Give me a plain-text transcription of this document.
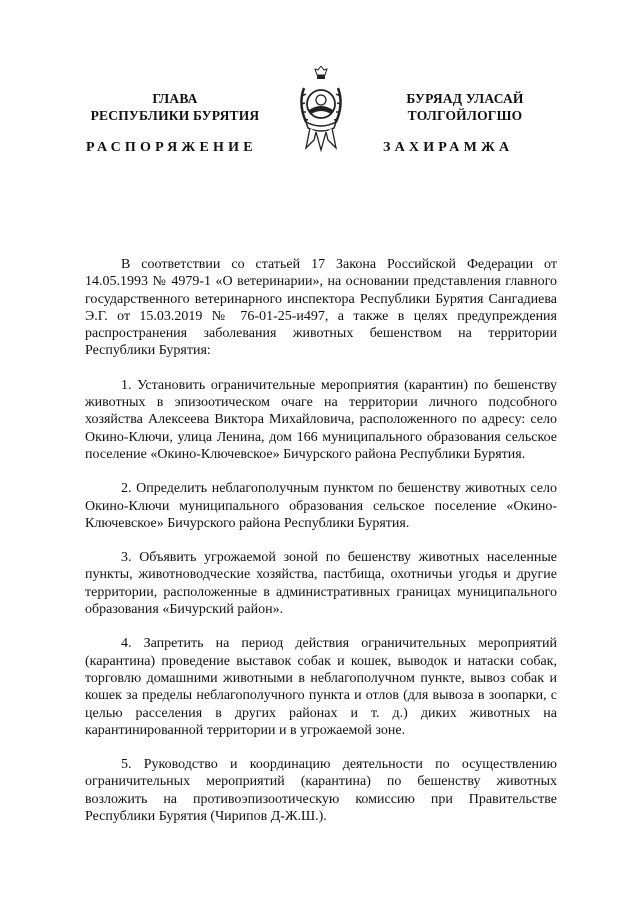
ГЛАВА
РЕСПУБЛИКИ БУРЯТИЯ
БУРЯАД УЛАСАЙ
ТОЛГОЙЛОГШО
РАСПОРЯЖЕНИЕ	ЗАХИРАМЖА

В соответствии со статьей 17 Закона Российской Федерации от 14.05.1993 № 4979-1 «О ветеринарии», на основании представления главного государственного ветеринарного инспектора Республики Бурятия Сангадиева Э.Г. от 15.03.2019 № 76-01-25-и497, а также в целях предупреждения распространения заболевания животных бешенством на территории Республики Бурятия:

1. Установить ограничительные мероприятия (карантин) по бешенству животных в эпизоотическом очаге на территории личного подсобного хозяйства Алексеева Виктора Михайловича, расположенного по адресу: село Окино-Ключи, улица Ленина, дом 166 муниципального образования сельское поселение «Окино-Ключевское» Бичурского района Республики Бурятия.

2. Определить неблагополучным пунктом по бешенству животных село Окино-Ключи муниципального образования сельское поселение «Окино-Ключевское» Бичурского района Республики Бурятия.

3. Объявить угрожаемой зоной по бешенству животных населенные пункты, животноводческие хозяйства, пастбища, охотничьи угодья и другие территории, расположенные в административных границах муниципального образования «Бичурский район».

4. Запретить на период действия ограничительных мероприятий (карантина) проведение выставок собак и кошек, выводок и натаски собак, торговлю домашними животными в неблагополучном пункте, вывоз собак и кошек за пределы неблагополучного пункта и отлов (для вывоза в зоопарки, с целью расселения в других районах и т. д.) диких животных на карантинированной территории и в угрожаемой зоне.

5. Руководство и координацию деятельности по осуществлению ограничительных мероприятий (карантина) по бешенству животных возложить на противоэпизоотическую комиссию при Правительстве Республики Бурятия (Чирипов Д-Ж.Ш.).
